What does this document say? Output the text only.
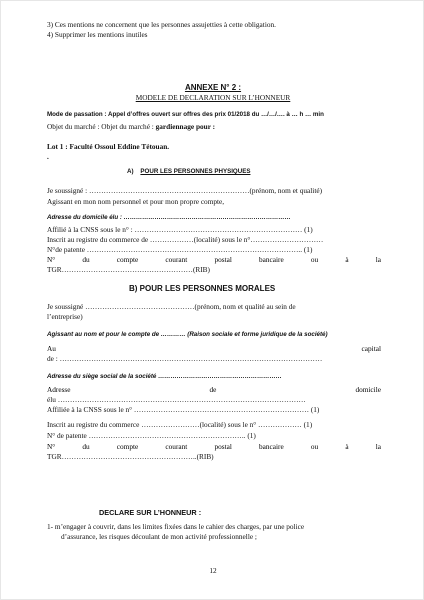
3) Ces mentions ne concernent que les personnes assujetties à cette obligation.
4) Supprimer les mentions inutiles
ANNEXE N° 2 :
MODELE DE DECLARATION SUR L’HONNEUR
Mode de passation : Appel d’offres ouvert sur offres des prix 01/2018 du …/…/…. à … h … min
Objet du marché : Objet du marché : gardiennage pour :
Lot 1 : Faculté Ossoul Eddine Tétouan.
.
A) POUR LES PERSONNES PHYSIQUES
Je soussigné : …………………………………………………………(prénom, nom et qualité)
Agissant en mon nom personnel et pour mon propre compte,
Adresse du domicile élu : ………………………………………………………………………
Affilié à la CNSS sous le n° : …………………………………………………………… (1)
Inscrit au registre du commerce de ………………(localité) sous le n°…………………………
N°de patente …………………………………………………………………………….. (1)
N°	du	compte	courant	postal	bancaire	ou	à	la
TGR………………………………………………(RIB)
B) POUR LES PERSONNES MORALES
Je soussigné ………………………………………(prénom, nom et qualité au sein de
l’entreprise)
Agissant au nom et pour le compte de ………… (Raison sociale et forme juridique de la société)
Au	capital
de : ………………………………………………………………………………………………
Adresse du siège social de la société ……………………………………………………
Adresse	de	domicile
élu …………………………………………………………………………………………
Affiliée à la CNSS sous le n° ……………………………………………………………… (1)
Inscrit au registre du commerce ……………………(localité) sous le n° ……………… (1)
N° de patente ……………………………………………………….. (1)
N°	du	compte	courant	postal	bancaire	ou	à	la
TGR………………………………………………..(RIB)
DECLARE SUR L’HONNEUR :
1- m’engager à couvrir, dans les limites fixées dans le cahier des charges, par une police
d’assurance, les risques découlant de mon activité professionnelle ;
12
